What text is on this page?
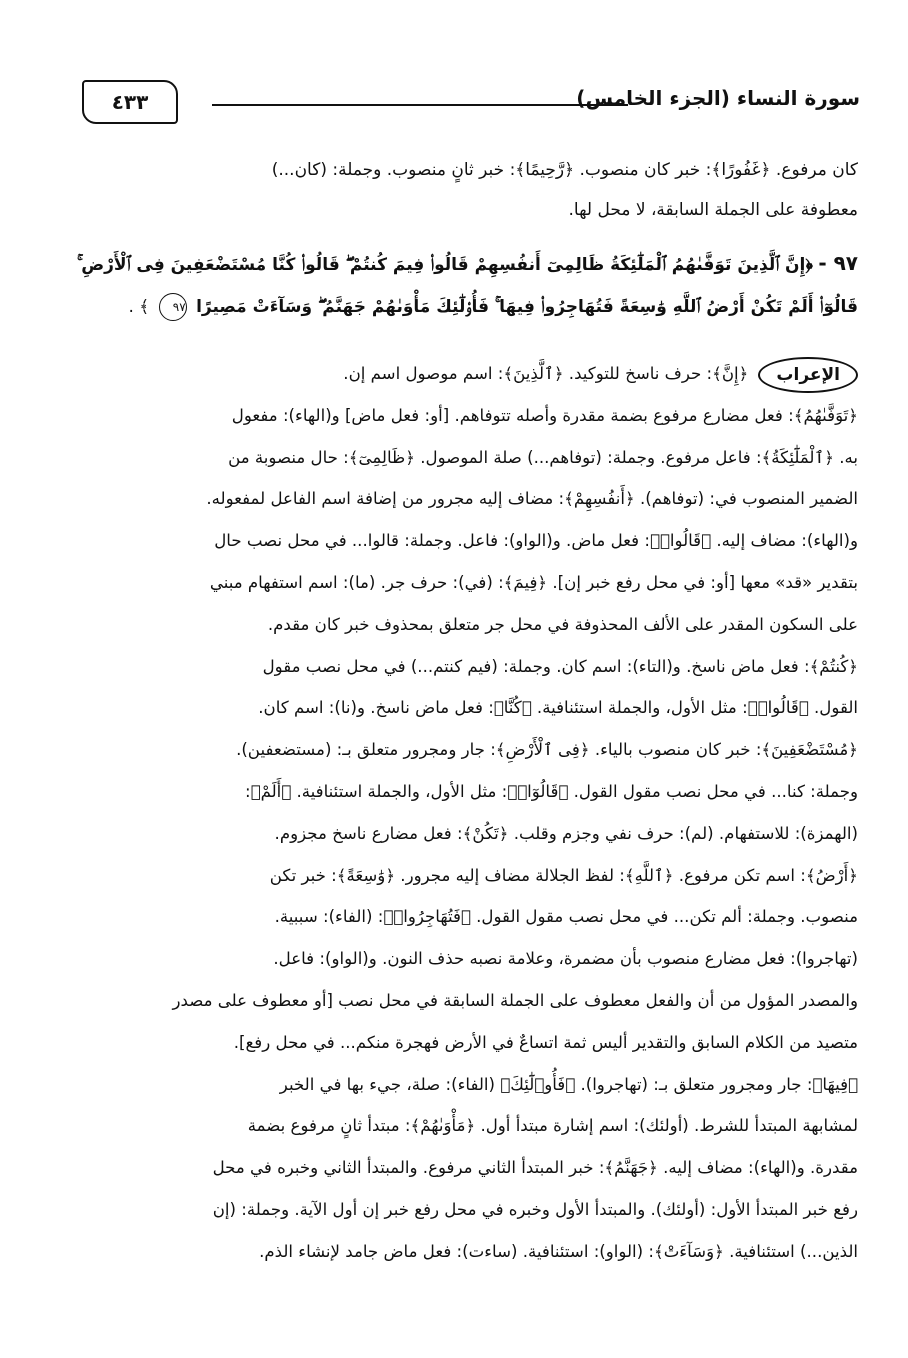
سورة النساء (الجزء الخامس)
٤٣٣
كان مرفوع. ﴿غَفُورًا﴾: خبر كان منصوب. ﴿رَّحِيمًا﴾: خبر ثانٍ منصوب. وجملة: (كان...)
معطوفة على الجملة السابقة، لا محل لها.
٩٧ - ﴿إِنَّ ٱلَّذِينَ تَوَفَّىٰهُمُ ٱلْمَلَٰٓئِكَةُ ظَالِمِىٓ أَنفُسِهِمْ قَالُوا۟ فِيمَ كُنتُمْ ۖ قَالُوا۟ كُنَّا مُسْتَضْعَفِينَ فِى ٱلْأَرْضِ ۚ
قَالُوٓا۟ أَلَمْ تَكُنْ أَرْضُ ٱللَّهِ وَٰسِعَةً فَتُهَاجِرُوا۟ فِيهَا ۚ فَأُو۟لَٰٓئِكَ مَأْوَىٰهُمْ جَهَنَّمُ ۖ وَسَآءَتْ مَصِيرًا ٩٧ ﴾ .
الإعراب
﴿إِنَّ﴾: حرف ناسخ للتوكيد. ﴿ٱلَّذِينَ﴾: اسم موصول اسم إن.
﴿تَوَفَّىٰهُمُ﴾: فعل مضارع مرفوع بضمة مقدرة وأصله تتوفاهم. [أو: فعل ماض] و(الهاء): مفعول
به. ﴿ٱلْمَلَٰٓئِكَةُ﴾: فاعل مرفوع. وجملة: (توفاهم...) صلة الموصول. ﴿ظَالِمِىٓ﴾: حال منصوبة من
الضمير المنصوب في: (توفاهم). ﴿أَنفُسِهِمْ﴾: مضاف إليه مجرور من إضافة اسم الفاعل لمفعوله.
و(الهاء): مضاف إليه. ﴿قَالُوا۟﴾: فعل ماض. و(الواو): فاعل. وجملة: قالوا... في محل نصب حال
بتقدير «قد» معها [أو: في محل رفع خبر إن]. ﴿فِيمَ﴾: (في): حرف جر. (ما): اسم استفهام مبني
على السكون المقدر على الألف المحذوفة في محل جر متعلق بمحذوف خبر كان مقدم.
﴿كُنتُمْ﴾: فعل ماض ناسخ. و(التاء): اسم كان. وجملة: (فيم كنتم...) في محل نصب مقول
القول. ﴿قَالُوا۟﴾: مثل الأول، والجملة استئنافية. ﴿كُنَّا﴾: فعل ماض ناسخ. و(نا): اسم كان.
﴿مُسْتَضْعَفِينَ﴾: خبر كان منصوب بالياء. ﴿فِى ٱلْأَرْضِ﴾: جار ومجرور متعلق بـ: (مستضعفين).
وجملة: كنا... في محل نصب مقول القول. ﴿قَالُوٓا۟﴾: مثل الأول، والجملة استئنافية. ﴿أَلَمْ﴾:
(الهمزة): للاستفهام. (لم): حرف نفي وجزم وقلب. ﴿تَكُنْ﴾: فعل مضارع ناسخ مجزوم.
﴿أَرْضُ﴾: اسم تكن مرفوع. ﴿ٱللَّهِ﴾: لفظ الجلالة مضاف إليه مجرور. ﴿وَٰسِعَةً﴾: خبر تكن
منصوب. وجملة: ألم تكن... في محل نصب مقول القول. ﴿فَتُهَاجِرُوا۟﴾: (الفاء): سببية.
(تهاجروا): فعل مضارع منصوب بأن مضمرة، وعلامة نصبه حذف النون. و(الواو): فاعل.
والمصدر المؤول من أن والفعل معطوف على الجملة السابقة في محل نصب [أو معطوف على مصدر
متصيد من الكلام السابق والتقدير أليس ثمة اتساعٌ في الأرض فهجرة منكم... في محل رفع].
﴿فِيهَا﴾: جار ومجرور متعلق بـ: (تهاجروا). ﴿فَأُو۟لَٰٓئِكَ﴾ (الفاء): صلة، جيء بها في الخبر
لمشابهة المبتدأ للشرط. (أولئك): اسم إشارة مبتدأ أول. ﴿مَأْوَىٰهُمْ﴾: مبتدأ ثانٍ مرفوع بضمة
مقدرة. و(الهاء): مضاف إليه. ﴿جَهَنَّمُ﴾: خبر المبتدأ الثاني مرفوع. والمبتدأ الثاني وخبره في محل
رفع خبر المبتدأ الأول: (أولئك). والمبتدأ الأول وخبره في محل رفع خبر إن أول الآية. وجملة: (إن
الذين...) استئنافية. ﴿وَسَآءَتْ﴾: (الواو): استئنافية. (ساءت): فعل ماض جامد لإنشاء الذم.
